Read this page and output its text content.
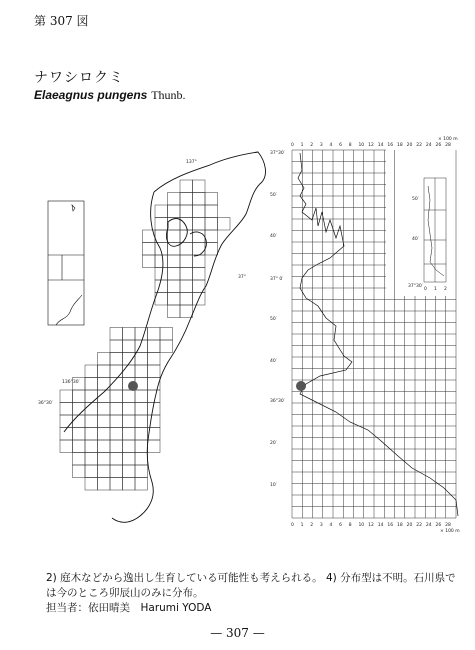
第 307 図
ナワシロクミ
Elaeagnus pungens Thunb.
137°
136°30′
36°30′
37°
0 1 2 3 4 6 8 10 12 14 16 18 20 22 24 26 28
× 100 m
0 1 2 3 4 6 8 10 12 14 16 18 20 22 24 26 28
× 100 m
37°30′
50′
40′
37° 0′
50′
40′
36°30′
20′
10′
50′
40′
37°30′
0 1 2
2) 庭木などから逸出し生育している可能性も考えられる。 4) 分布型は不明。石川県で
は今のところ卯辰山のみに分布。
担当者：依田晴美　Harumi YODA
— 307 —
